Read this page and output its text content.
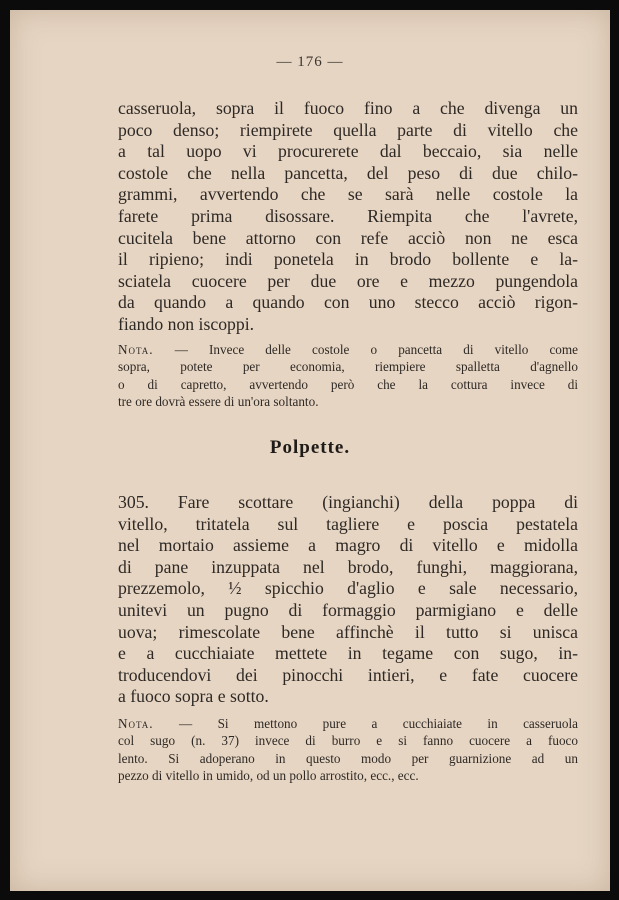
— 176 —
casseruola, sopra il fuoco fino a che divenga un
poco denso; riempirete quella parte di vitello che
a tal uopo vi procurerete dal beccaio, sia nelle
costole che nella pancetta, del peso di due chilo-
grammi, avvertendo che se sarà nelle costole la
farete prima disossare. Riempita che l'avrete,
cucitela bene attorno con refe acciò non ne esca
il ripieno; indi ponetela in brodo bollente e la-
sciatela cuocere per due ore e mezzo pungendola
da quando a quando con uno stecco acciò rigon-
fiando non iscoppi.
Nota. — Invece delle costole o pancetta di vitello come
sopra, potete per economia, riempiere spalletta d'agnello
o di capretto, avvertendo però che la cottura invece di
tre ore dovrà essere di un'ora soltanto.
Polpette.
305. Fare scottare (ingianchi) della poppa di
vitello, tritatela sul tagliere e poscia pestatela
nel mortaio assieme a magro di vitello e midolla
di pane inzuppata nel brodo, funghi, maggiorana,
prezzemolo, ½ spicchio d'aglio e sale necessario,
unitevi un pugno di formaggio parmigiano e delle
uova; rimescolate bene affinchè il tutto si unisca
e a cucchiaiate mettete in tegame con sugo, in-
troducendovi dei pinocchi intieri, e fate cuocere
a fuoco sopra e sotto.
Nota. — Si mettono pure a cucchiaiate in casseruola
col sugo (n. 37) invece di burro e si fanno cuocere a fuoco
lento. Si adoperano in questo modo per guarnizione ad un
pezzo di vitello in umido, od un pollo arrostito, ecc., ecc.
